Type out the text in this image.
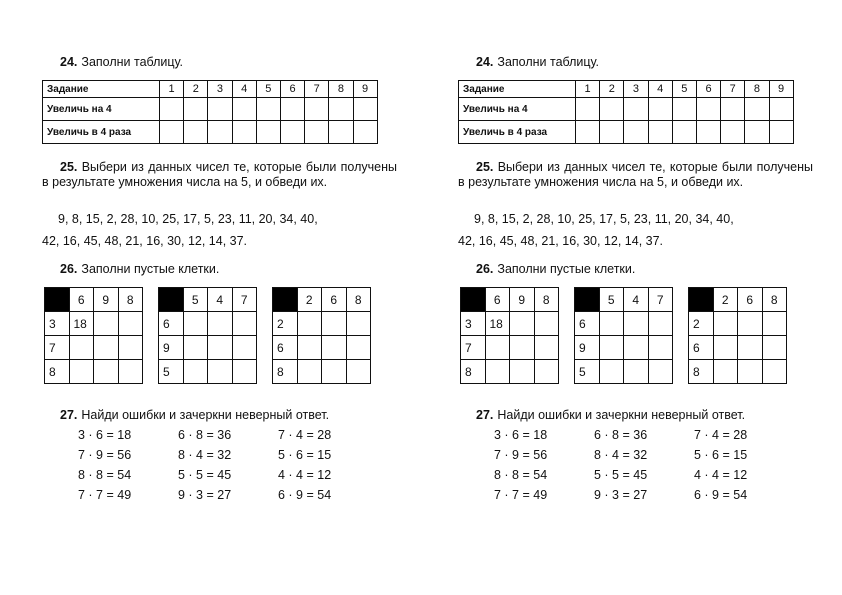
24. Заполни таблицу.
Задание	1	2	3	4	5	6	7	8	9
Увеличь на 4									
Увеличь в 4 раза									
25. Выбери из данных чисел те, которые были получены в результате умножения числа на 5, и обведи их.
9, 8, 15, 2, 28, 10, 25, 17, 5, 23, 11, 20, 34, 40,
42, 16, 45, 48, 21, 16, 30, 12, 14, 37.
26. Заполни пустые клетки.
	6	9	8
3	18		
7			
8			
	5	4	7
6			
9			
5			
	2	6	8
2			
6			
8			
27. Найди ошибки и зачеркни неверный ответ.
3 · 6 = 18
7 · 9 = 56
8 · 8 = 54
7 · 7 = 49
6 · 8 = 36
8 · 4 = 32
5 · 5 = 45
9 · 3 = 27
7 · 4 = 28
5 · 6 = 15
4 · 4 = 12
6 · 9 = 54
24. Заполни таблицу.
Задание	1	2	3	4	5	6	7	8	9
Увеличь на 4									
Увеличь в 4 раза									
25. Выбери из данных чисел те, которые были получены в результате умножения числа на 5, и обведи их.
9, 8, 15, 2, 28, 10, 25, 17, 5, 23, 11, 20, 34, 40,
42, 16, 45, 48, 21, 16, 30, 12, 14, 37.
26. Заполни пустые клетки.
	6	9	8
3	18		
7			
8			
	5	4	7
6			
9			
5			
	2	6	8
2			
6			
8			
27. Найди ошибки и зачеркни неверный ответ.
3 · 6 = 18
7 · 9 = 56
8 · 8 = 54
7 · 7 = 49
6 · 8 = 36
8 · 4 = 32
5 · 5 = 45
9 · 3 = 27
7 · 4 = 28
5 · 6 = 15
4 · 4 = 12
6 · 9 = 54
